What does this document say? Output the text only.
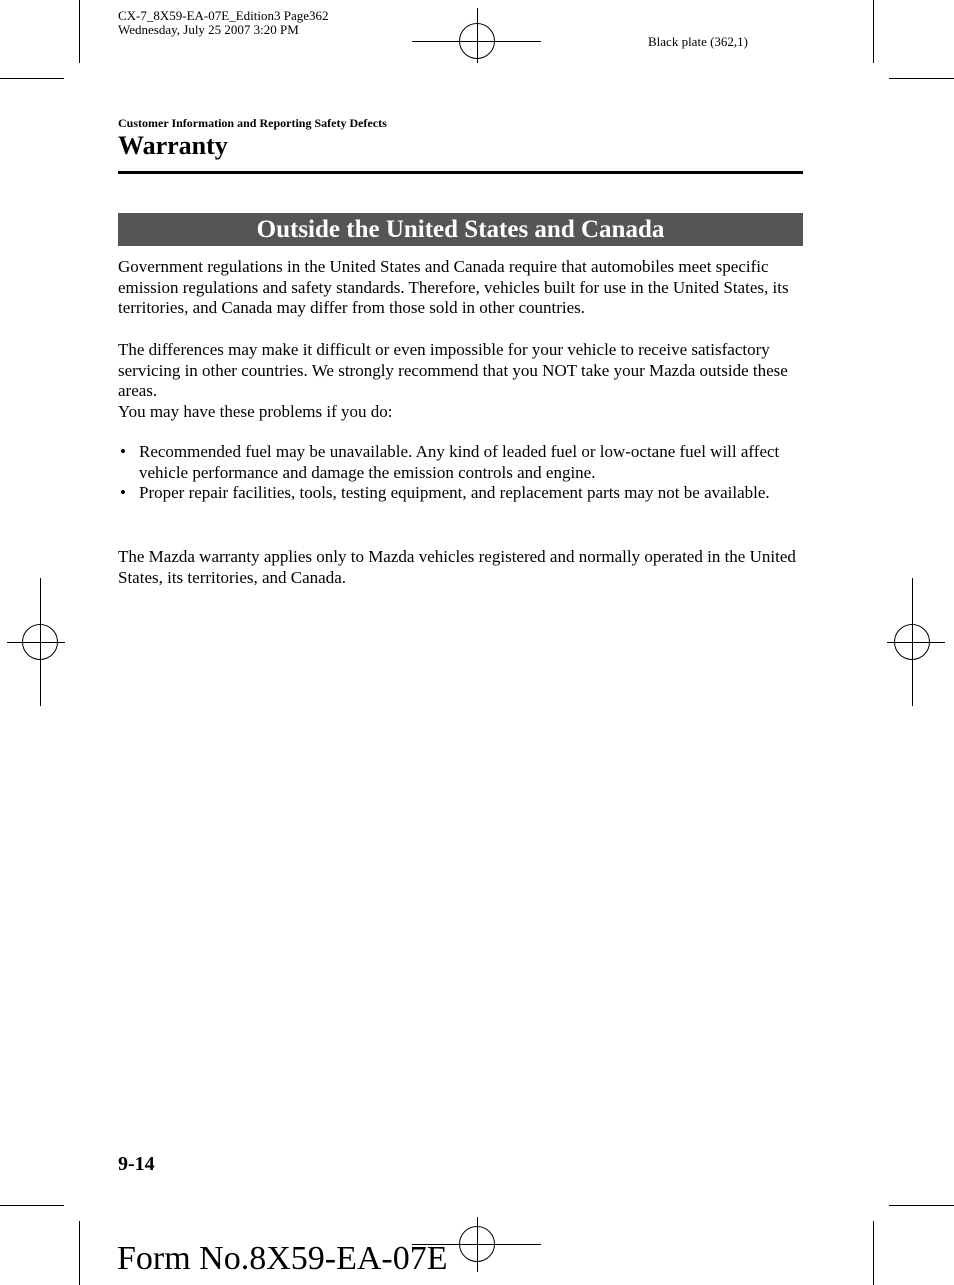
CX-7_8X59-EA-07E_Edition3 Page362
Wednesday, July 25 2007 3:20 PM
Black plate (362,1)
Customer Information and Reporting Safety Defects
Warranty
Outside the United States and Canada

Government regulations in the United States and Canada require that automobiles meet specific emission regulations and safety standards. Therefore, vehicles built for use in the United States, its territories, and Canada may differ from those sold in other countries.

The differences may make it difficult or even impossible for your vehicle to receive satisfactory servicing in other countries. We strongly recommend that you NOT take your Mazda outside these areas.

You may have these problems if you do:

• Recommended fuel may be unavailable. Any kind of leaded fuel or low-octane fuel will affect vehicle performance and damage the emission controls and engine.
• Proper repair facilities, tools, testing equipment, and replacement parts may not be available.

The Mazda warranty applies only to Mazda vehicles registered and normally operated in the United States, its territories, and Canada.

9-14
Form No.8X59-EA-07E
